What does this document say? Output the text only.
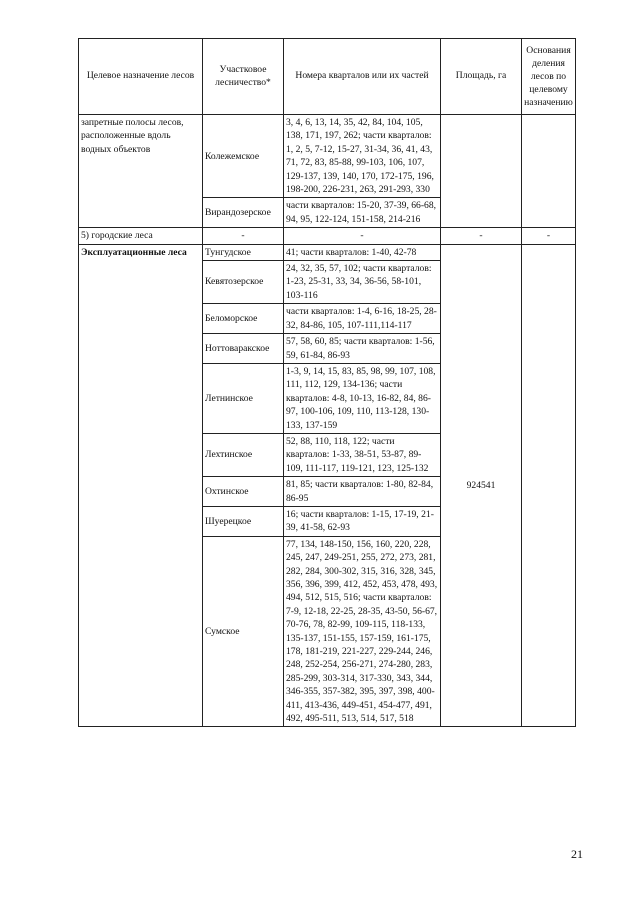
Целевое назначение лесов	Участковое лесничество*	Номера кварталов или их частей	Площадь, га	Основания деления лесов по целевому назначению
запретные полосы лесов, расположенные вдоль водных объектов	Колежемское	3, 4, 6, 13, 14, 35, 42, 84, 104, 105, 138, 171, 197, 262; части кварталов: 1, 2, 5, 7-12, 15-27, 31-34, 36, 41, 43, 71, 72, 83, 85-88, 99-103, 106, 107, 129-137, 139, 140, 170, 172-175, 196, 198-200, 226-231, 263, 291-293, 330		
	Вирандозерское	части кварталов: 15-20, 37-39, 66-68, 94, 95, 122-124, 151-158, 214-216		
5) городские леса	-	-	-	-
Эксплуатационные леса	Тунгудское	41; части кварталов: 1-40, 42-78	924541	
	Кевятозерское	24, 32, 35, 57, 102; части кварталов: 1-23, 25-31, 33, 34, 36-56, 58-101, 103-116		
	Беломорское	части кварталов: 1-4, 6-16, 18-25, 28-32, 84-86, 105, 107-111,114-117		
	Ноттоваракское	57, 58, 60, 85; части кварталов: 1-56, 59, 61-84, 86-93		
	Летнинское	1-3, 9, 14, 15, 83, 85, 98, 99, 107, 108, 111, 112, 129, 134-136; части кварталов: 4-8, 10-13, 16-82, 84, 86-97, 100-106, 109, 110, 113-128, 130-133, 137-159		
	Лехтинское	52, 88, 110, 118, 122; части кварталов: 1-33, 38-51, 53-87, 89-109, 111-117, 119-121, 123, 125-132		
	Охтинское	81, 85; части кварталов: 1-80, 82-84, 86-95		
	Шуерецкое	16; части кварталов: 1-15, 17-19, 21-39, 41-58, 62-93		
	Сумское	77, 134, 148-150, 156, 160, 220, 228, 245, 247, 249-251, 255, 272, 273, 281, 282, 284, 300-302, 315, 316, 328, 345, 356, 396, 399, 412, 452, 453, 478, 493, 494, 512, 515, 516; части кварталов: 7-9, 12-18, 22-25, 28-35, 43-50, 56-67, 70-76, 78, 82-99, 109-115, 118-133, 135-137, 151-155, 157-159, 161-175, 178, 181-219, 221-227, 229-244, 246, 248, 252-254, 256-271, 274-280, 283, 285-299, 303-314, 317-330, 343, 344, 346-355, 357-382, 395, 397, 398, 400-411, 413-436, 449-451, 454-477, 491, 492, 495-511, 513, 514, 517, 518		
21
